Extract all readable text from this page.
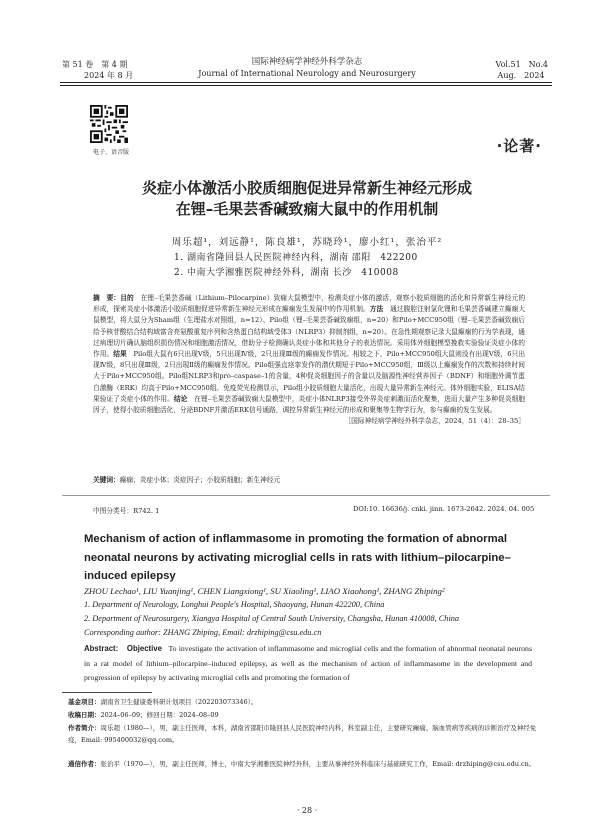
第 51 卷　第 4 期
2024 年 8 月
国际神经病学神经外科学杂志
Journal of International Neurology and Neurosurgery
Vol.51　No.4
Aug.　2024
电子、语音版	·论著·
炎症小体激活小胶质细胞促进异常新生神经元形成
在锂–毛果芸香碱致痫大鼠中的作用机制
周乐超¹，刘远静¹，陈良雄¹，苏晓玲¹，廖小红¹，张治平²
1. 湖南省隆回县人民医院神经内科，湖南 邵阳　422200
2. 中南大学湘雅医院神经外科，湖南 长沙　410008
摘　要：目的　在锂–毛果芸香碱（Lithium–Pilocarpine）致痫大鼠模型中，检测炎症小体的激活，观察小胶质细胞的活化和异常新生神经元的形成，探索炎症小体激活小胶质细胞促进异常新生神经元形成在癫痫发生发展中的作用机制。方法　通过腹腔注射氯化锂和毛果芸香碱建立癫痫大鼠模型，将大鼠分为Sham组（生理盐水对照组，n=12）、Pilo组（锂–毛果芸香碱致痫组，n=20）和Pilo+MCC950组（锂–毛果芸香碱致痫后给予核苷酸结合结构域富含亮氨酸重复序列和含热蛋白结构域受体3（NLRP3）抑制剂组，n=20）。在急性期观察记录大鼠癫痫的行为学表现，通过病理切片确认脑组织损伤情况和细胞激活情况，借助分子检测确认炎症小体和其他分子的表达情况。采用体外细胞模型挽救实验验证炎症小体的作用。结果　Pilo组大鼠有6只出现Ⅴ级，5只出现Ⅳ级，2只出现Ⅲ级的癫痫发作情况。相较之下，Pilo+MCC950组大鼠则没有出现Ⅴ级，6只出现Ⅳ级，8只出现Ⅲ级，2只出现Ⅱ级的癫痫发作情况。Pilo组强直痉挛发作的潜伏期短于Pilo+MCC950组，Ⅲ级以上癫痫发作的次数和持续时间大于Pilo+MCC950组。Pilo组NLRP3和pro–caspase–1的含量，4种促炎细胞因子的含量以及脑源性神经营养因子（BDNF）和细胞外调节蛋白激酶（ERK）均高于Pilo+MCC950组。免疫荧光检测显示，Pilo组小胶质细胞大量活化，出现大量异常新生神经元。体外细胞实验，ELISA结果验证了炎症小体的作用。结论　在锂–毛果芸香碱致痫大鼠模型中，炎症小体NLRP3接受外界炎症刺激而活化聚集，进而大量产生多种促炎细胞因子，使得小胶质细胞活化，分泌BDNF并激活ERK信号通路，调控异常新生神经元的形成和聚集等生物学行为，参与癫痫的发生发展。
［国际神经病学神经外科学杂志，2024，51（4）：28–35］
关键词：癫痫；炎症小体；炎症因子；小胶质细胞；新生神经元
中图分类号：R742. 1	DOI:10. 16636/j. cnki. jinn. 1673-2642. 2024. 04. 005
Mechanism of action of inflammasome in promoting the formation of abnormal neonatal neurons by activating microglial cells in rats with lithium–pilocarpine–induced epilepsy
ZHOU Lechao¹, LIU Yuanjing¹, CHEN Liangxiong¹, SU Xiaoling¹, LIAO Xiaohong¹, ZHANG Zhiping²
1. Department of Neurology, Longhui People's Hospital, Shaoyang, Hunan 422200, China
2. Department of Neurosurgery, Xiangya Hospital of Central South University, Changsha, Hunan 410008, China
Corresponding author: ZHANG Zhiping, Email: drzhiping@csu.edu.cn
Abstract: Objective To investigate the activation of inflammasome and microglial cells and the formation of abnormal neonatal neurons in a rat model of lithium–pilocarpine–induced epilepsy, as well as the mechanism of action of inflammasome in the development and progression of epilepsy by activating microglial cells and promoting the formation of
基金项目：湖南省卫生健康委科研计划项目（202203073346）。
收稿日期：2024–06–09；修回日期：2024–08–09
作者简介：周乐超（1980—），男，副主任医师，本科，湖南省邵阳市隆回县人民医院神经内科，科室副主任，主要研究癫痫、脑血管病等疾病的诊断治疗及神经免疫，Email: 995400032@qq.com。
通信作者：张治平（1970—），男，副主任医师，博士，中南大学湘雅医院神经外科，主要从事神经外科临床与基础研究工作，Email: drzhiping@csu.edu.cn。
· 28 ·
